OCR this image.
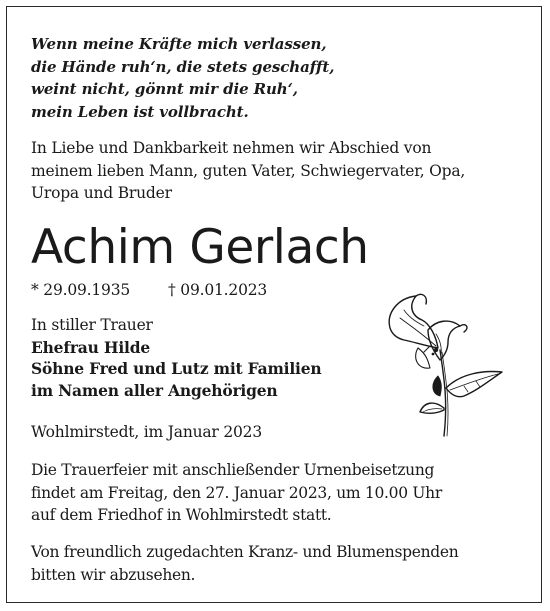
Wenn meine Kräfte mich verlassen,
die Hände ruh‘n, die stets geschafft,
weint nicht, gönnt mir die Ruh‘,
mein Leben ist vollbracht.
In Liebe und Dankbarkeit nehmen wir Abschied von
meinem lieben Mann, guten Vater, Schwiegervater, Opa,
Uropa und Bruder
Achim Gerlach
* 29.09.1935 † 09.01.2023
In stiller Trauer
Ehefrau Hilde
Söhne Fred und Lutz mit Familien
im Namen aller Angehörigen
Wohlmirstedt, im Januar 2023
Die Trauerfeier mit anschließender Urnenbeisetzung
findet am Freitag, den 27. Januar 2023, um 10.00 Uhr
auf dem Friedhof in Wohlmirstedt statt.
Von freundlich zugedachten Kranz- und Blumenspenden
bitten wir abzusehen.
